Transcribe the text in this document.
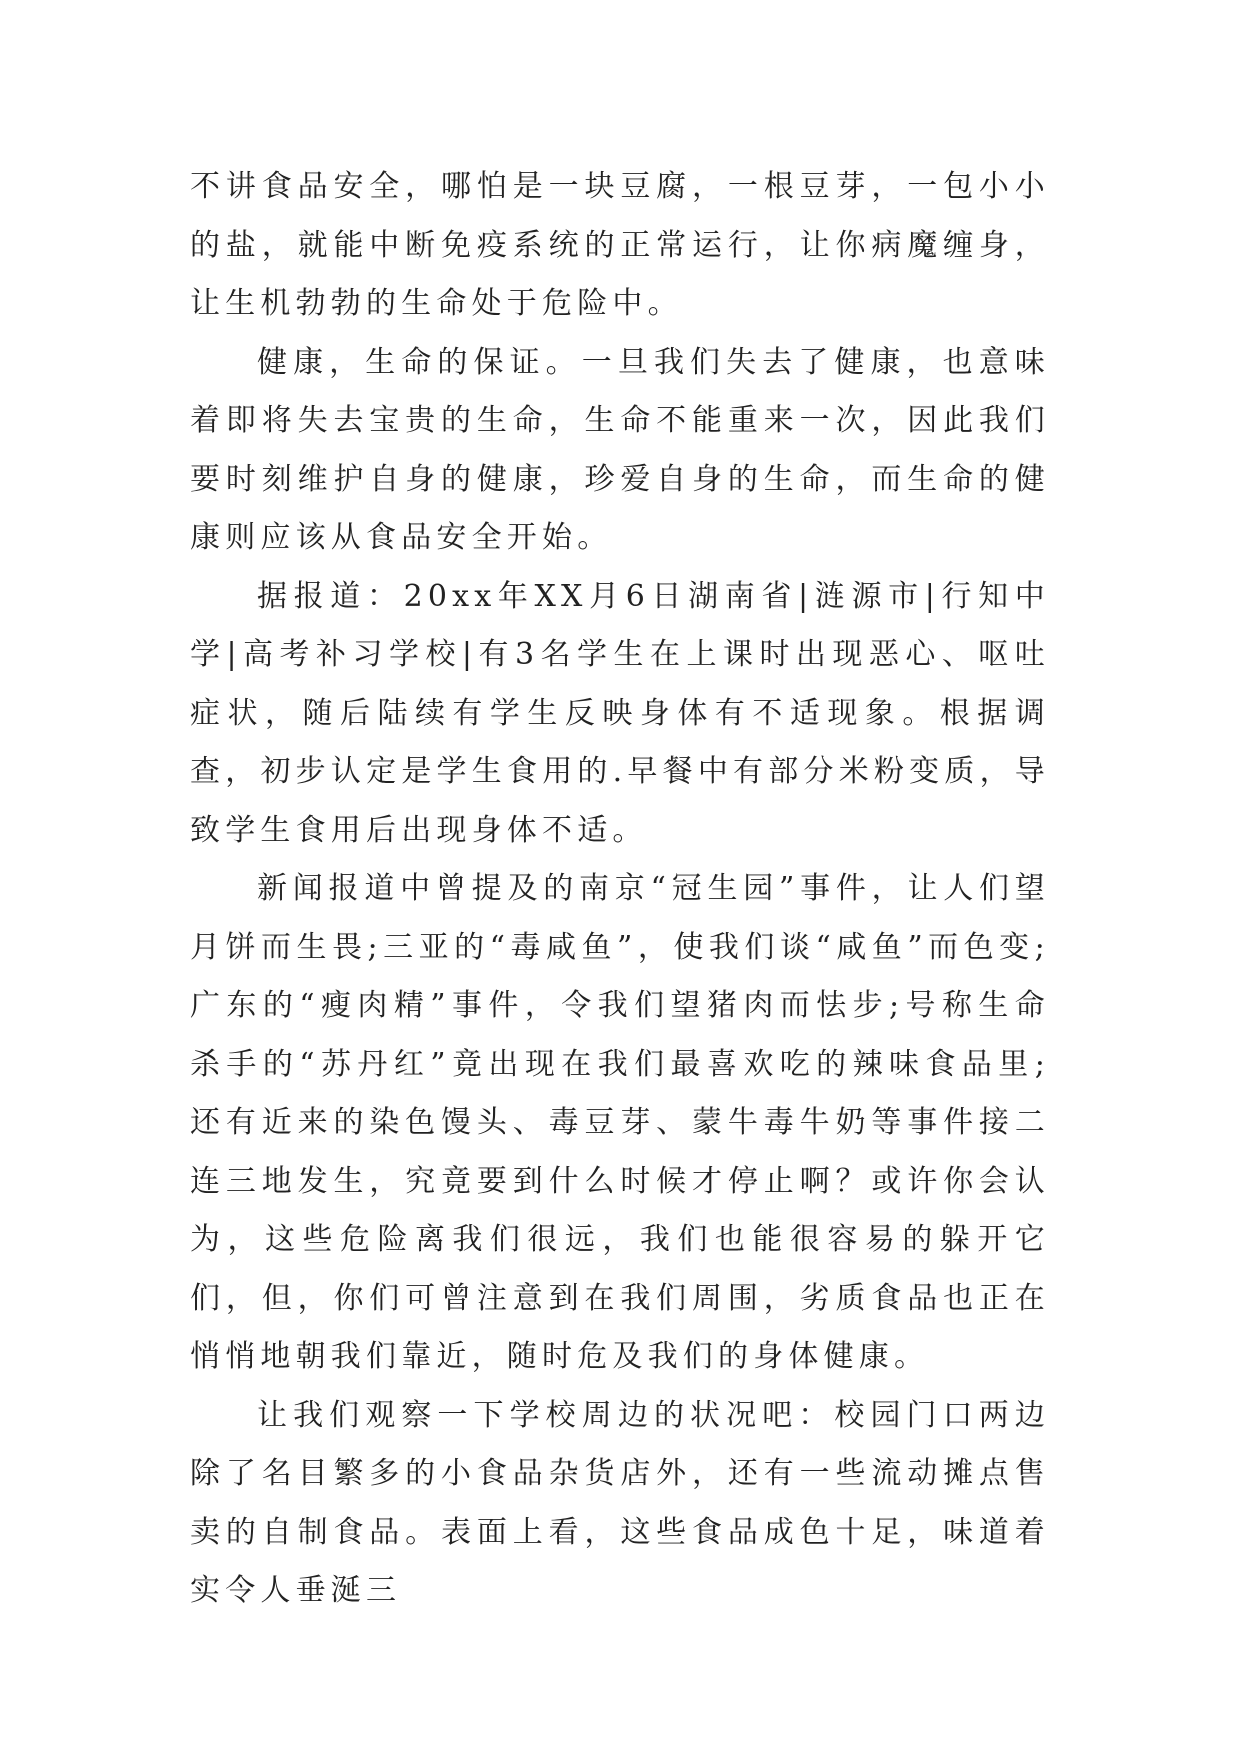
不讲食品安全，哪怕是一块豆腐，一根豆芽，一包小小的盐，就能中断免疫系统的正常运行，让你病魔缠身，让生机勃勃的生命处于危险中。

健康，生命的保证。一旦我们失去了健康，也意味着即将失去宝贵的生命，生命不能重来一次，因此我们要时刻维护自身的健康，珍爱自身的生命，而生命的健康则应该从食品安全开始。

据报道：20xx年XX月6日湖南省|涟源市|行知中学|高考补习学校|有3名学生在上课时出现恶心、呕吐症状，随后陆续有学生反映身体有不适现象。根据调查，初步认定是学生食用的.早餐中有部分米粉变质，导致学生食用后出现身体不适。

新闻报道中曾提及的南京“冠生园”事件，让人们望月饼而生畏;三亚的“毒咸鱼”，使我们谈“咸鱼”而色变;广东的“瘦肉精”事件，令我们望猪肉而怯步;号称生命杀手的“苏丹红”竟出现在我们最喜欢吃的辣味食品里;还有近来的染色馒头、毒豆芽、蒙牛毒牛奶等事件接二连三地发生，究竟要到什么时候才停止啊？或许你会认为，这些危险离我们很远，我们也能很容易的躲开它们，但，你们可曾注意到在我们周围，劣质食品也正在悄悄地朝我们靠近，随时危及我们的身体健康。

让我们观察一下学校周边的状况吧：校园门口两边除了名目繁多的小食品杂货店外，还有一些流动摊点售卖的自制食品。表面上看，这些食品成色十足，味道着实令人垂涎三
